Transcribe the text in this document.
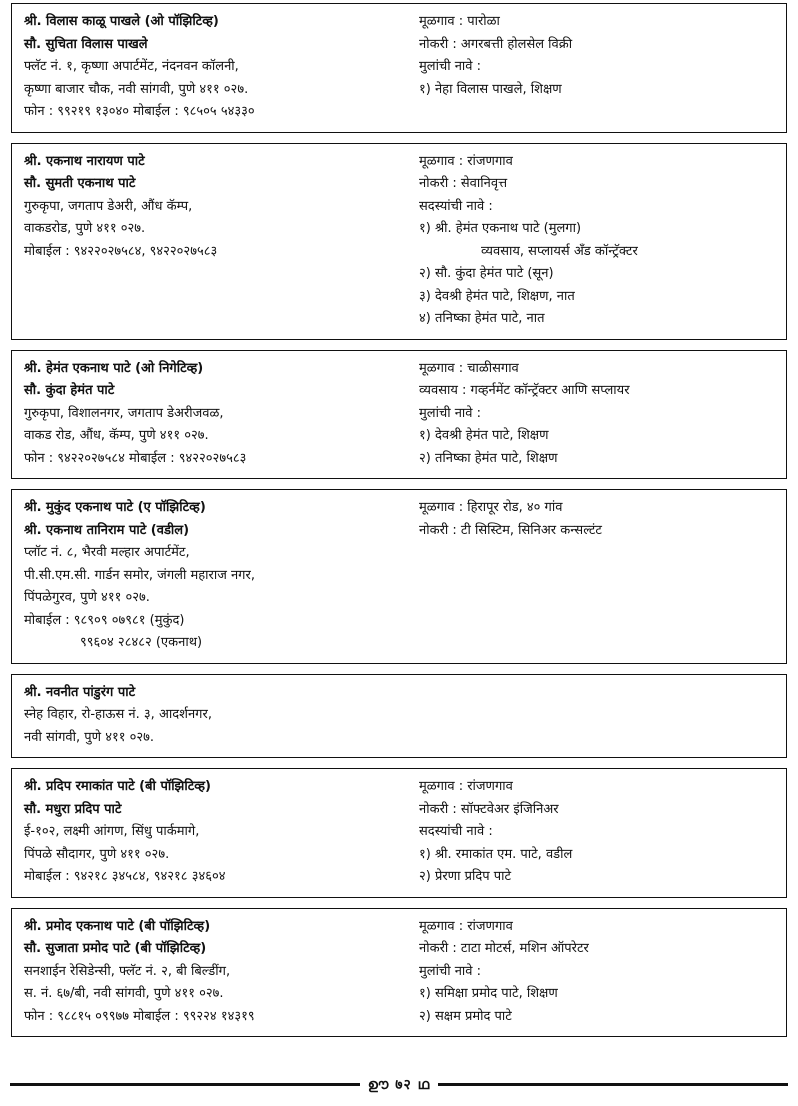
श्री. विलास काळू पाखले (ओ पॉझिटिव्ह)
सौ. सुचिता विलास पाखले
फ्लॅट नं. १, कृष्णा अपार्टमेंट, नंदनवन कॉलनी,
कृष्णा बाजार चौक, नवी सांगवी, पुणे ४११ ०२७.
फोन : ९९२१९ १३०४० मोबाईल : ९८५०५ ५४३३०
मूळगाव : पारोळा
नोकरी : अगरबत्ती होलसेल विक्री
मुलांची नावे :
१) नेहा विलास पाखले, शिक्षण
श्री. एकनाथ नारायण पाटे
सौ. सुमती एकनाथ पाटे
गुरुकृपा, जगताप डेअरी, औंध कॅम्प,
वाकडरोड, पुणे ४११ ०२७.
मोबाईल : ९४२२०२७५८४, ९४२२०२७५८३
मूळगाव : रांजणगाव
नोकरी : सेवानिवृत्त
सदस्यांची नावे :
१) श्री. हेमंत एकनाथ पाटे (मुलगा)
व्यवसाय, सप्लायर्स अँड कॉन्ट्रॅक्टर
२) सौ. कुंदा हेमंत पाटे (सून)
३) देवश्री हेमंत पाटे, शिक्षण, नात
४) तनिष्का हेमंत पाटे, नात
श्री. हेमंत एकनाथ पाटे (ओ निगेटिव्ह)
सौ. कुंदा हेमंत पाटे
गुरुकृपा, विशालनगर, जगताप डेअरीजवळ,
वाकड रोड, औंध, कॅम्प, पुणे ४११ ०२७.
फोन : ९४२२०२७५८४ मोबाईल : ९४२२०२७५८३
मूळगाव : चाळीसगाव
व्यवसाय : गव्हर्नमेंट कॉन्ट्रॅक्टर आणि सप्लायर
मुलांची नावे :
१) देवश्री हेमंत पाटे, शिक्षण
२) तनिष्का हेमंत पाटे, शिक्षण
श्री. मुकुंद एकनाथ पाटे (ए पॉझिटिव्ह)
श्री. एकनाथ तानिराम पाटे (वडील)
प्लॉट नं. ८, भैरवी मल्हार अपार्टमेंट,
पी.सी.एम.सी. गार्डन समोर, जंगली महाराज नगर,
पिंपळेगुरव, पुणे ४११ ०२७.
मोबाईल : ९८९०९ ०७९८१ (मुकुंद)
९९६०४ २८४८२ (एकनाथ)
मूळगाव : हिरापूर रोड, ४० गांव
नोकरी : टी सिस्टिम, सिनिअर कन्सल्टंट
श्री. नवनीत पांडुरंग पाटे
स्नेह विहार, रो-हाऊस नं. ३, आदर्शनगर,
नवी सांगवी, पुणे ४११ ०२७.
श्री. प्रदिप रमाकांत पाटे (बी पॉझिटिव्ह)
सौ. मधुरा प्रदिप पाटे
ई-१०२, लक्ष्मी आंगण, सिंधु पार्कमागे,
पिंपळे सौदागर, पुणे ४११ ०२७.
मोबाईल : ९४२१८ ३४५८४, ९४२१८ ३४६०४
मूळगाव : रांजणगाव
नोकरी : सॉफ्टवेअर इंजिनिअर
सदस्यांची नावे :
१) श्री. रमाकांत एम. पाटे, वडील
२) प्रेरणा प्रदिप पाटे
श्री. प्रमोद एकनाथ पाटे (बी पॉझिटिव्ह)
सौ. सुजाता प्रमोद पाटे (बी पॉझिटिव्ह)
सनशाईन रेसिडेन्सी, फ्लॅट नं. २, बी बिल्डींग,
स. नं. ६७/बी, नवी सांगवी, पुणे ४११ ०२७.
फोन : ९८८१५ ०९९७७ मोबाईल : ९९२२४ १४३१९
मूळगाव : रांजणगाव
नोकरी : टाटा मोटर्स, मशिन ऑपरेटर
मुलांची नावे :
१) समिक्षा प्रमोद पाटे, शिक्षण
२) सक्षम प्रमोद पाटे
ഊ ७२ ഥ
